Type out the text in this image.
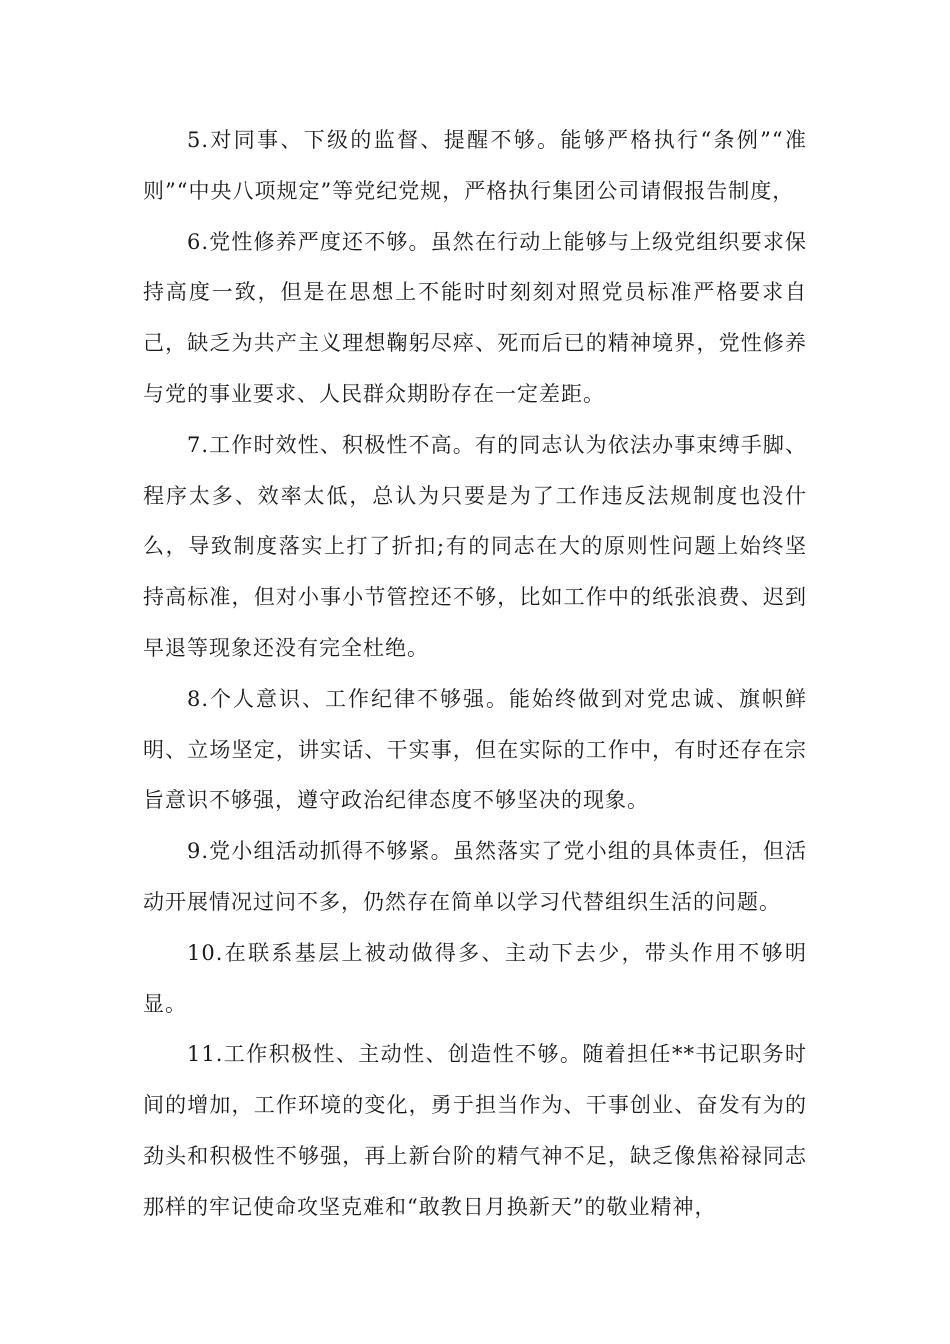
5.对同事、下级的监督、提醒不够。能够严格执行“条例”“准则”“中央八项规定”等党纪党规，严格执行集团公司请假报告制度，

6.党性修养严度还不够。虽然在行动上能够与上级党组织要求保持高度一致，但是在思想上不能时时刻刻对照党员标准严格要求自己，缺乏为共产主义理想鞠躬尽瘁、死而后已的精神境界，党性修养与党的事业要求、人民群众期盼存在一定差距。

7.工作时效性、积极性不高。有的同志认为依法办事束缚手脚、程序太多、效率太低，总认为只要是为了工作违反法规制度也没什么，导致制度落实上打了折扣;有的同志在大的原则性问题上始终坚持高标准，但对小事小节管控还不够，比如工作中的纸张浪费、迟到早退等现象还没有完全杜绝。

8.个人意识、工作纪律不够强。能始终做到对党忠诚、旗帜鲜明、立场坚定，讲实话、干实事，但在实际的工作中，有时还存在宗旨意识不够强，遵守政治纪律态度不够坚决的现象。

9.党小组活动抓得不够紧。虽然落实了党小组的具体责任，但活动开展情况过问不多，仍然存在简单以学习代替组织生活的问题。

10.在联系基层上被动做得多、主动下去少，带头作用不够明显。

11.工作积极性、主动性、创造性不够。随着担任**书记职务时间的增加，工作环境的变化，勇于担当作为、干事创业、奋发有为的劲头和积极性不够强，再上新台阶的精气神不足，缺乏像焦裕禄同志那样的牢记使命攻坚克难和“敢教日月换新天”的敬业精神，
